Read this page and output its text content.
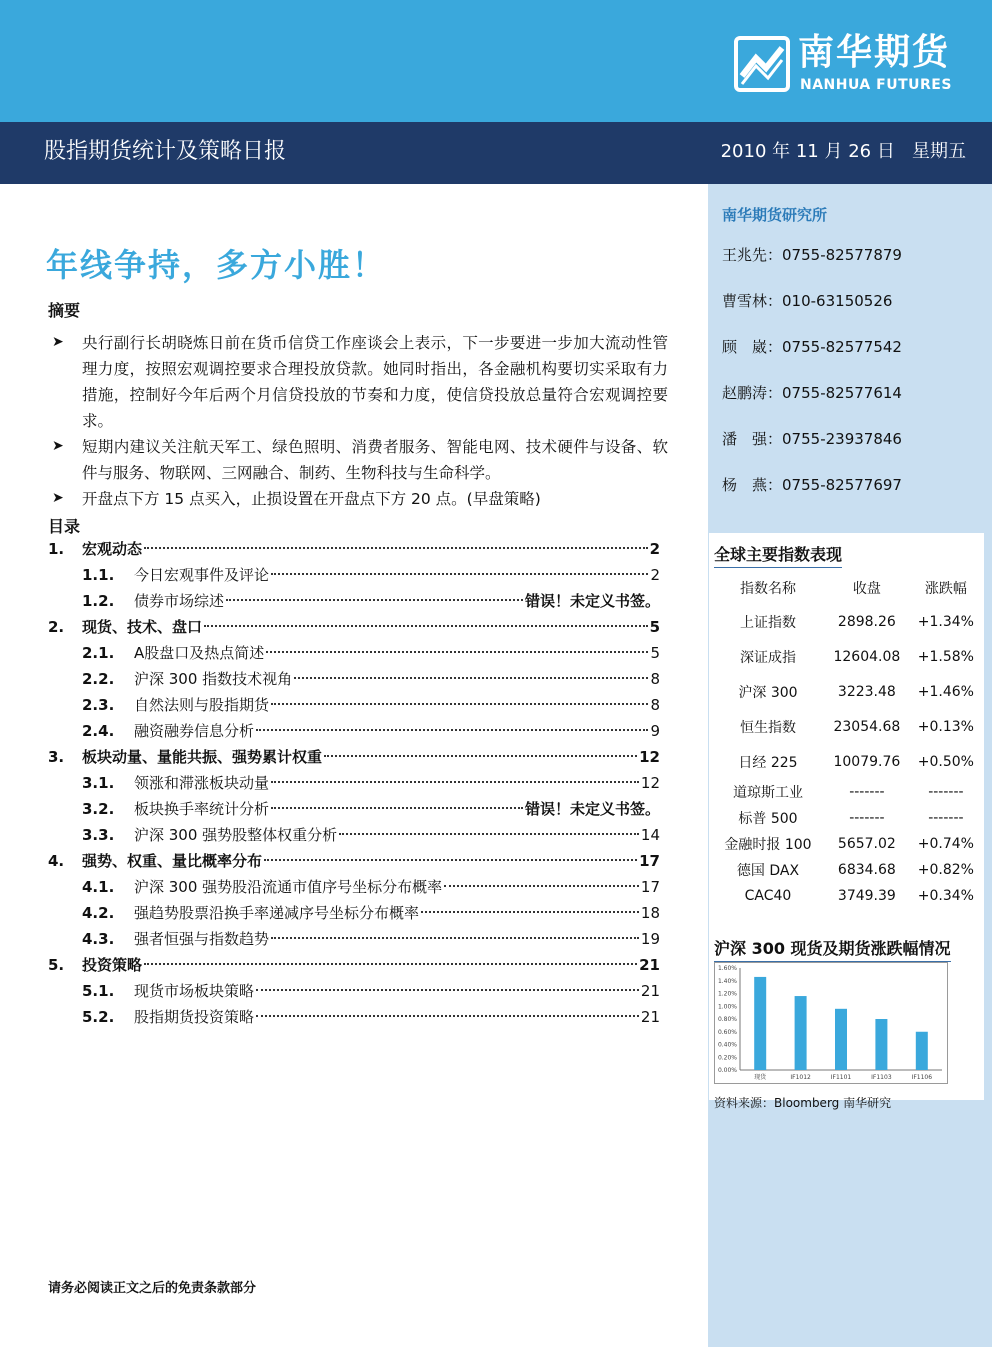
南华期货
NANHUA FUTURES
股指期货统计及策略日报	2010 年 11 月 26 日 星期五
南华期货研究所
王兆先：0755-82577879
曹雪林：010-63150526
顾　崴：0755-82577542
赵鹏涛：0755-82577614
潘　强：0755-23937846
杨　燕：0755-82577697
全球主要指数表现
指数名称	收盘	涨跌幅
上证指数	2898.26	+1.34%
深证成指	12604.08	+1.58%
沪深 300	3223.48	+1.46%
恒生指数	23054.68	+0.13%
日经 225	10079.76	+0.50%
道琼斯工业	-------	-------
标普 500	-------	-------
金融时报 100	5657.02	+0.74%
德国 DAX	6834.68	+0.82%
CAC40	3749.39	+0.34%
沪深 300 现货及期货涨跌幅情况
0.00%
0.20%
0.40%
0.60%
0.80%
1.00%
1.20%
1.40%
1.60%
现货	IF1012	IF1101	IF1103	IF1106
资料来源：Bloomberg 南华研究
年线争持，多方小胜！
摘要
➤ 央行副行长胡晓炼日前在货币信贷工作座谈会上表示，下一步要进一步加大流动性管理力度，按照宏观调控要求合理投放贷款。她同时指出，各金融机构要切实采取有力措施，控制好今年后两个月信贷投放的节奏和力度，使信贷投放总量符合宏观调控要求。
➤ 短期内建议关注航天军工、绿色照明、消费者服务、智能电网、技术硬件与设备、软件与服务、物联网、三网融合、制药、生物科技与生命科学。
➤ 开盘点下方 15 点买入，止损设置在开盘点下方 20 点。(早盘策略)
目录
1. 宏观动态	2
1.1. 今日宏观事件及评论	2
1.2. 债券市场综述	错误！未定义书签。
2. 现货、技术、盘口	5
2.1. A股盘口及热点简述	5
2.2. 沪深 300 指数技术视角	8
2.3. 自然法则与股指期货	8
2.4. 融资融券信息分析	9
3. 板块动量、量能共振、强势累计权重	12
3.1. 领涨和滞涨板块动量	12
3.2. 板块换手率统计分析	错误！未定义书签。
3.3. 沪深 300 强势股整体权重分析	14
4. 强势、权重、量比概率分布	17
4.1. 沪深 300 强势股沿流通市值序号坐标分布概率	17
4.2. 强趋势股票沿换手率递减序号坐标分布概率	18
4.3. 强者恒强与指数趋势	19
5. 投资策略	21
5.1. 现货市场板块策略	21
5.2. 股指期货投资策略	21
请务必阅读正文之后的免责条款部分
